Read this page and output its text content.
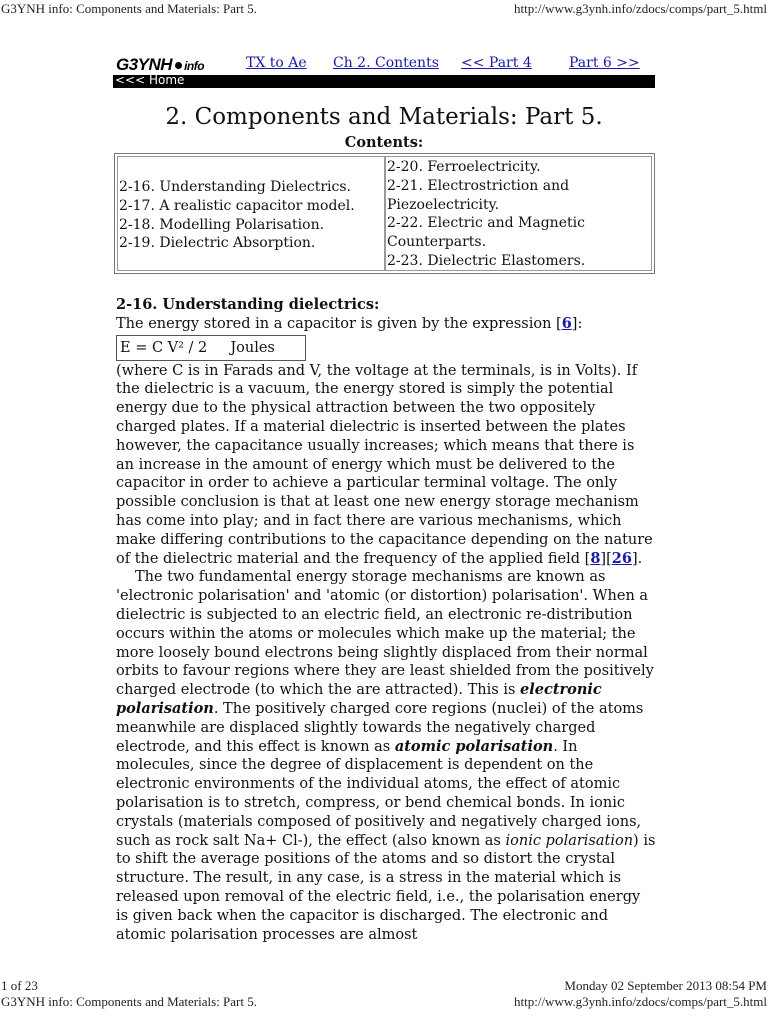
G3YNH info: Components and Materials: Part 5.	http://www.g3ynh.info/zdocs/comps/part_5.html
G3YNH info	TX to Ae Ch 2. Contents << Part 4	Part 6 >>
<<< Home
2. Components and Materials: Part 5.
Contents:
2-16. Understanding Dielectrics.
2-17. A realistic capacitor model.
2-18. Modelling Polarisation.
2-19. Dielectric Absorption.
2-20. Ferroelectricity.
2-21. Electrostriction and
Piezoelectricity.
2-22. Electric and Magnetic
Counterparts.
2-23. Dielectric Elastomers.

2-16. Understanding dielectrics:

The energy stored in a capacitor is given by the expression [6]:

E = C V² / 2     Joules

(where C is in Farads and V, the voltage at the terminals, is in Volts). If the dielectric is a vacuum, the energy stored is simply the potential energy due to the physical attraction between the two oppositely charged plates. If a material dielectric is inserted between the plates however, the capacitance usually increases; which means that there is an increase in the amount of energy which must be delivered to the capacitor in order to achieve a particular terminal voltage. The only possible conclusion is that at least one new energy storage mechanism has come into play; and in fact there are various mechanisms, which make differing contributions to the capacitance depending on the nature of the dielectric material and the frequency of the applied field [8][26].

The two fundamental energy storage mechanisms are known as 'electronic polarisation' and 'atomic (or distortion) polarisation'. When a dielectric is subjected to an electric field, an electronic re-distribution occurs within the atoms or molecules which make up the material; the more loosely bound electrons being slightly displaced from their normal orbits to favour regions where they are least shielded from the positively charged electrode (to which the are attracted). This is electronic polarisation. The positively charged core regions (nuclei) of the atoms meanwhile are displaced slightly towards the negatively charged electrode, and this effect is known as atomic polarisation. In molecules, since the degree of displacement is dependent on the electronic environments of the individual atoms, the effect of atomic polarisation is to stretch, compress, or bend chemical bonds. In ionic crystals (materials composed of positively and negatively charged ions, such as rock salt Na+ Cl-), the effect (also known as ionic polarisation) is to shift the average positions of the atoms and so distort the crystal structure. The result, in any case, is a stress in the material which is released upon removal of the electric field, i.e., the polarisation energy is given back when the capacitor is discharged. The electronic and atomic polarisation processes are almost

1 of 23	Monday 02 September 2013 08:54 PM
G3YNH info: Components and Materials: Part 5.	http://www.g3ynh.info/zdocs/comps/part_5.html
